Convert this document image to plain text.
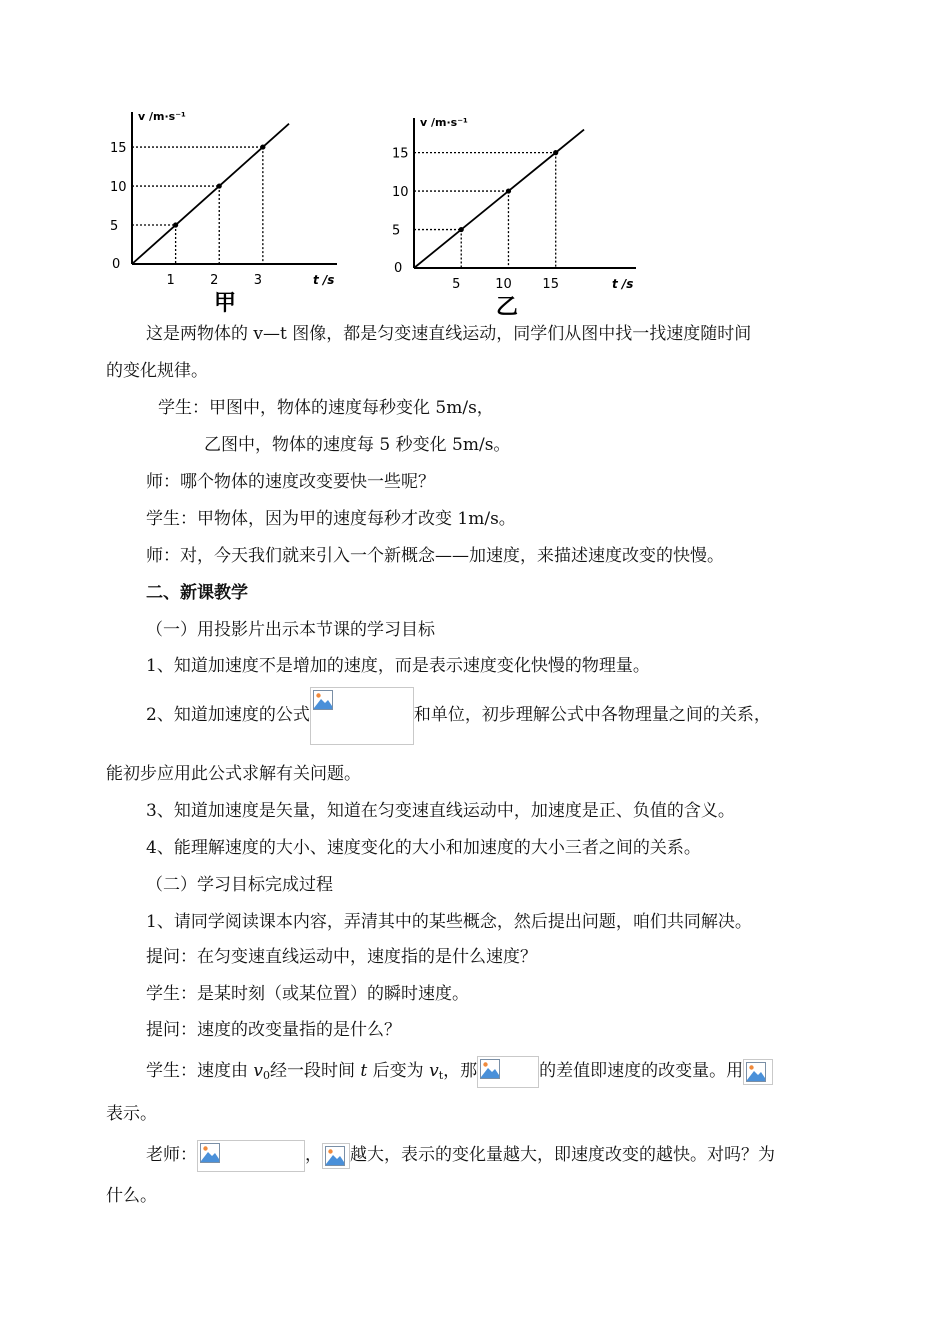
v /m·s⁻¹
t /s
0
5
1
10
2
15
3
甲
v /m·s⁻¹
t /s
0
5
5
10
10
15
15
乙
这是两物体的 v—t 图像，都是匀变速直线运动，同学们从图中找一找速度随时间
的变化规律。
学生：甲图中，物体的速度每秒变化 5m/s，
乙图中，物体的速度每 5 秒变化 5m/s。
师：哪个物体的速度改变要快一些呢？
学生：甲物体，因为甲的速度每秒才改变 1m/s。
师：对，今天我们就来引入一个新概念——加速度，来描述速度改变的快慢。
二、新课教学
（一）用投影片出示本节课的学习目标
1、知道加速度不是增加的速度，而是表示速度变化快慢的物理量。
2、知道加速度的公式	和单位，初步理解公式中各物理量之间的关系，
能初步应用此公式求解有关问题。
3、知道加速度是矢量，知道在匀变速直线运动中，加速度是正、负值的含义。
4、能理解速度的大小、速度变化的大小和加速度的大小三者之间的关系。
（二）学习目标完成过程
1、请同学阅读课本内容，弄清其中的某些概念，然后提出问题，咱们共同解决。
提问：在匀变速直线运动中，速度指的是什么速度？
学生：是某时刻（或某位置）的瞬时速度。
提问：速度的改变量指的是什么？
学生：速度由 $v_0$经一段时间 t 后变为 $v_t$，那	的差值即速度的改变量。用
表示。
老师：	， 越大，表示的变化量越大，即速度改变的越快。对吗？为
什么。
